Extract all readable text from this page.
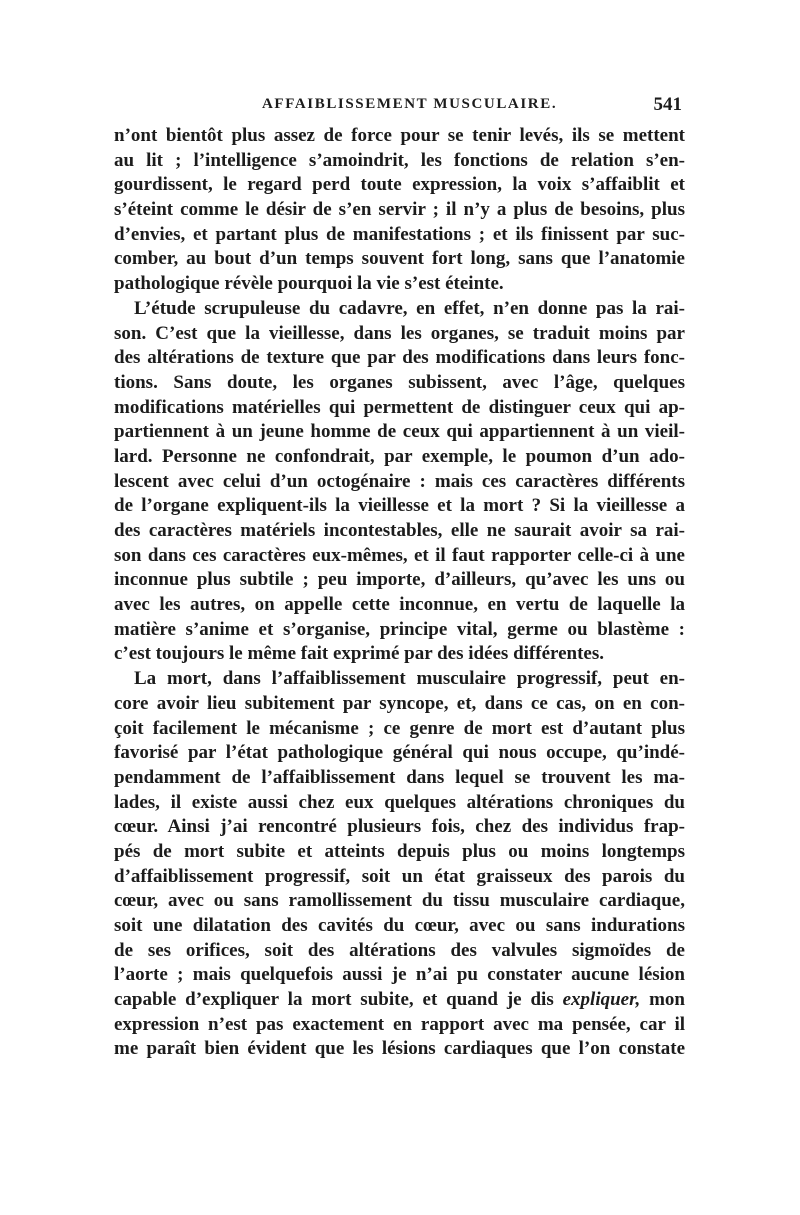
AFFAIBLISSEMENT MUSCULAIRE.	541
n’ont bientôt plus assez de force pour se tenir levés, ils se mettent
au lit ; l’intelligence s’amoindrit, les fonctions de relation s’en-
gourdissent, le regard perd toute expression, la voix s’affaiblit et
s’éteint comme le désir de s’en servir ; il n’y a plus de besoins, plus
d’envies, et partant plus de manifestations ; et ils finissent par suc-
comber, au bout d’un temps souvent fort long, sans que l’anatomie
pathologique révèle pourquoi la vie s’est éteinte.
L’étude scrupuleuse du cadavre, en effet, n’en donne pas la rai-
son. C’est que la vieillesse, dans les organes, se traduit moins par
des altérations de texture que par des modifications dans leurs fonc-
tions. Sans doute, les organes subissent, avec l’âge, quelques
modifications matérielles qui permettent de distinguer ceux qui ap-
partiennent à un jeune homme de ceux qui appartiennent à un vieil-
lard. Personne ne confondrait, par exemple, le poumon d’un ado-
lescent avec celui d’un octogénaire : mais ces caractères différents
de l’organe expliquent-ils la vieillesse et la mort ? Si la vieillesse a
des caractères matériels incontestables, elle ne saurait avoir sa rai-
son dans ces caractères eux-mêmes, et il faut rapporter celle-ci à une
inconnue plus subtile ; peu importe, d’ailleurs, qu’avec les uns ou
avec les autres, on appelle cette inconnue, en vertu de laquelle la
matière s’anime et s’organise, principe vital, germe ou blastème :
c’est toujours le même fait exprimé par des idées différentes.
La mort, dans l’affaiblissement musculaire progressif, peut en-
core avoir lieu subitement par syncope, et, dans ce cas, on en con-
çoit facilement le mécanisme ; ce genre de mort est d’autant plus
favorisé par l’état pathologique général qui nous occupe, qu’indé-
pendamment de l’affaiblissement dans lequel se trouvent les ma-
lades, il existe aussi chez eux quelques altérations chroniques du
cœur. Ainsi j’ai rencontré plusieurs fois, chez des individus frap-
pés de mort subite et atteints depuis plus ou moins longtemps
d’affaiblissement progressif, soit un état graisseux des parois du
cœur, avec ou sans ramollissement du tissu musculaire cardiaque,
soit une dilatation des cavités du cœur, avec ou sans indurations
de ses orifices, soit des altérations des valvules sigmoïdes de
l’aorte ; mais quelquefois aussi je n’ai pu constater aucune lésion
capable d’expliquer la mort subite, et quand je dis expliquer, mon
expression n’est pas exactement en rapport avec ma pensée, car il
me paraît bien évident que les lésions cardiaques que l’on constate
